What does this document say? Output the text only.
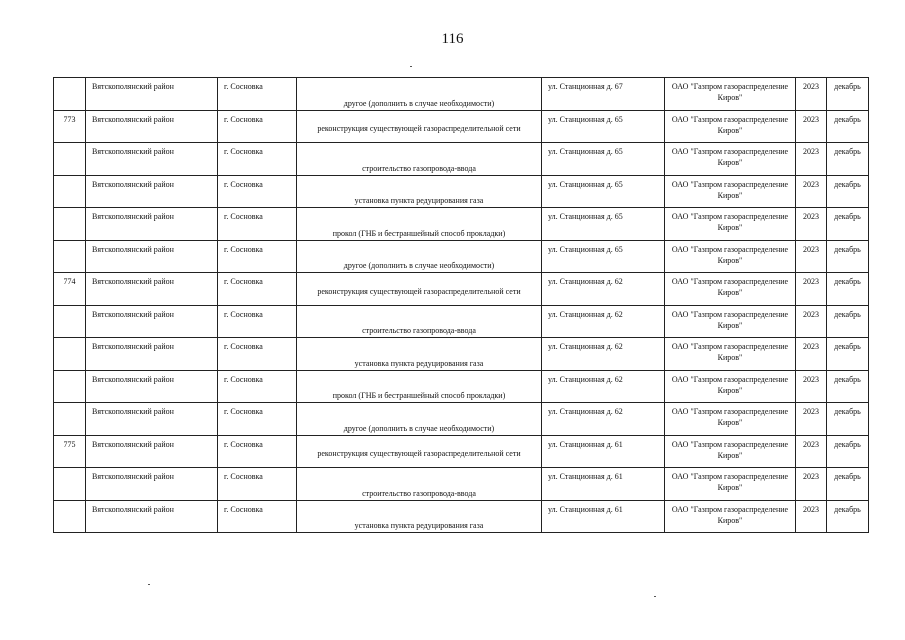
116
	Вятскополянский район	г. Сосновка	другое (дополнить в случае необходимости)	ул. Станционная д. 67	ОАО "Газпром газораспределение Киров"	2023	декабрь
773	Вятскополянский район	г. Сосновка	реконструкция существующей газораспределительной сети	ул. Станционная д. 65	ОАО "Газпром газораспределение Киров"	2023	декабрь
	Вятскополянский район	г. Сосновка	строительство газопровода-ввода	ул. Станционная д. 65	ОАО "Газпром газораспределение Киров"	2023	декабрь
	Вятскополянский район	г. Сосновка	установка пункта редуцирования газа	ул. Станционная д. 65	ОАО "Газпром газораспределение Киров"	2023	декабрь
	Вятскополянский район	г. Сосновка	прокол (ГНБ и бестраншейный способ прокладки)	ул. Станционная д. 65	ОАО "Газпром газораспределение Киров"	2023	декабрь
	Вятскополянский район	г. Сосновка	другое (дополнить в случае необходимости)	ул. Станционная д. 65	ОАО "Газпром газораспределение Киров"	2023	декабрь
774	Вятскополянский район	г. Сосновка	реконструкция существующей газораспределительной сети	ул. Станционная д. 62	ОАО "Газпром газораспределение Киров"	2023	декабрь
	Вятскополянский район	г. Сосновка	строительство газопровода-ввода	ул. Станционная д. 62	ОАО "Газпром газораспределение Киров"	2023	декабрь
	Вятскополянский район	г. Сосновка	установка пункта редуцирования газа	ул. Станционная д. 62	ОАО "Газпром газораспределение Киров"	2023	декабрь
	Вятскополянский район	г. Сосновка	прокол (ГНБ и бестраншейный способ прокладки)	ул. Станционная д. 62	ОАО "Газпром газораспределение Киров"	2023	декабрь
	Вятскополянский район	г. Сосновка	другое (дополнить в случае необходимости)	ул. Станционная д. 62	ОАО "Газпром газораспределение Киров"	2023	декабрь
775	Вятскополянский район	г. Сосновка	реконструкция существующей газораспределительной сети	ул. Станционная д. 61	ОАО "Газпром газораспределение Киров"	2023	декабрь
	Вятскополянский район	г. Сосновка	строительство газопровода-ввода	ул. Станционная д. 61	ОАО "Газпром газораспределение Киров"	2023	декабрь
	Вятскополянский район	г. Сосновка	установка пункта редуцирования газа	ул. Станционная д. 61	ОАО "Газпром газораспределение Киров"	2023	декабрь
